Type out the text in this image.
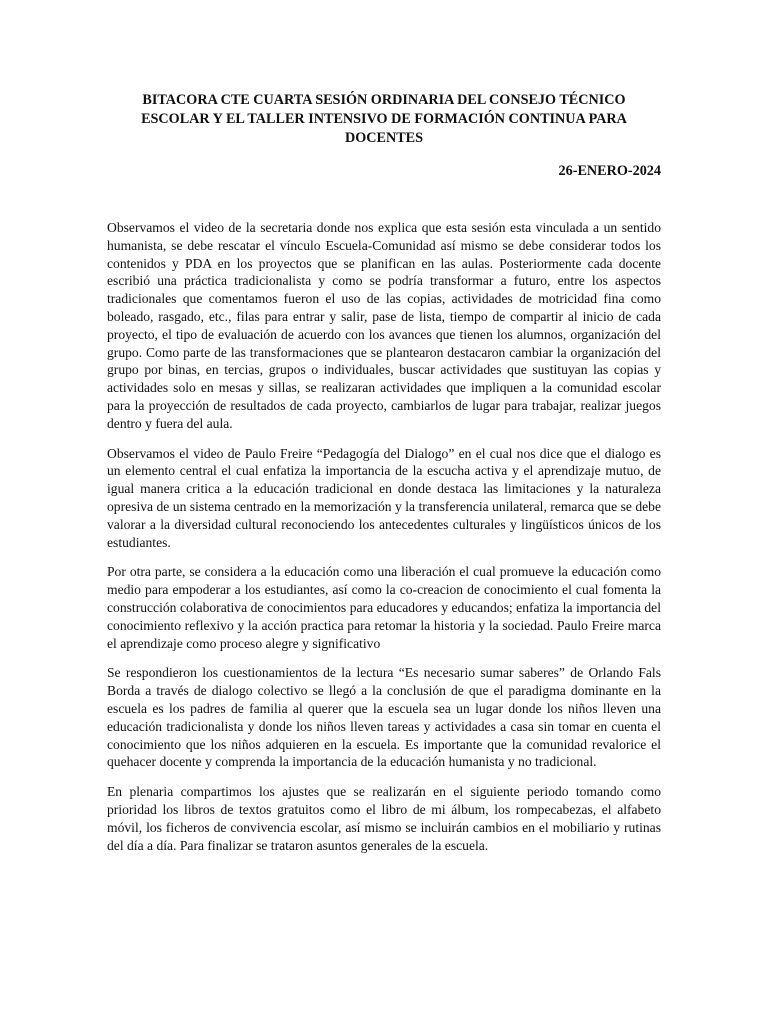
BITACORA CTE CUARTA SESIÓN ORDINARIA DEL CONSEJO TÉCNICO ESCOLAR Y EL TALLER INTENSIVO DE FORMACIÓN CONTINUA PARA DOCENTES
26-ENERO-2024

Observamos el video de la secretaria donde nos explica que esta sesión esta vinculada a un sentido humanista, se debe rescatar el vínculo Escuela-Comunidad así mismo se debe considerar todos los contenidos y PDA en los proyectos que se planifican en las aulas. Posteriormente cada docente escribió una práctica tradicionalista y como se podría transformar a futuro, entre los aspectos tradicionales que comentamos fueron el uso de las copias, actividades de motricidad fina como boleado, rasgado, etc., filas para entrar y salir, pase de lista, tiempo de compartir al inicio de cada proyecto, el tipo de evaluación de acuerdo con los avances que tienen los alumnos, organización del grupo. Como parte de las transformaciones que se plantearon destacaron cambiar la organización del grupo por binas, en tercias, grupos o individuales, buscar actividades que sustituyan las copias y actividades solo en mesas y sillas, se realizaran actividades que impliquen a la comunidad escolar para la proyección de resultados de cada proyecto, cambiarlos de lugar para trabajar, realizar juegos dentro y fuera del aula.

Observamos el video de Paulo Freire “Pedagogía del Dialogo” en el cual nos dice que el dialogo es un elemento central el cual enfatiza la importancia de la escucha activa y el aprendizaje mutuo, de igual manera critica a la educación tradicional en donde destaca las limitaciones y la naturaleza opresiva de un sistema centrado en la memorización y la transferencia unilateral, remarca que se debe valorar a la diversidad cultural reconociendo los antecedentes culturales y lingüísticos únicos de los estudiantes.

Por otra parte, se considera a la educación como una liberación el cual promueve la educación como medio para empoderar a los estudiantes, así como la co-creacion de conocimiento el cual fomenta la construcción colaborativa de conocimientos para educadores y educandos; enfatiza la importancia del conocimiento reflexivo y la acción practica para retomar la historia y la sociedad. Paulo Freire marca el aprendizaje como proceso alegre y significativo

Se respondieron los cuestionamientos de la lectura “Es necesario sumar saberes” de Orlando Fals Borda a través de dialogo colectivo se llegó a la conclusión de que el paradigma dominante en la escuela es los padres de familia al querer que la escuela sea un lugar donde los niños lleven una educación tradicionalista y donde los niños lleven tareas y actividades a casa sin tomar en cuenta el conocimiento que los niños adquieren en la escuela. Es importante que la comunidad revalorice el quehacer docente y comprenda la importancia de la educación humanista y no tradicional.

En plenaria compartimos los ajustes que se realizarán en el siguiente periodo tomando como prioridad los libros de textos gratuitos como el libro de mi álbum, los rompecabezas, el alfabeto móvil, los ficheros de convivencia escolar, así mismo se incluirán cambios en el mobiliario y rutinas del día a día. Para finalizar se trataron asuntos generales de la escuela.
